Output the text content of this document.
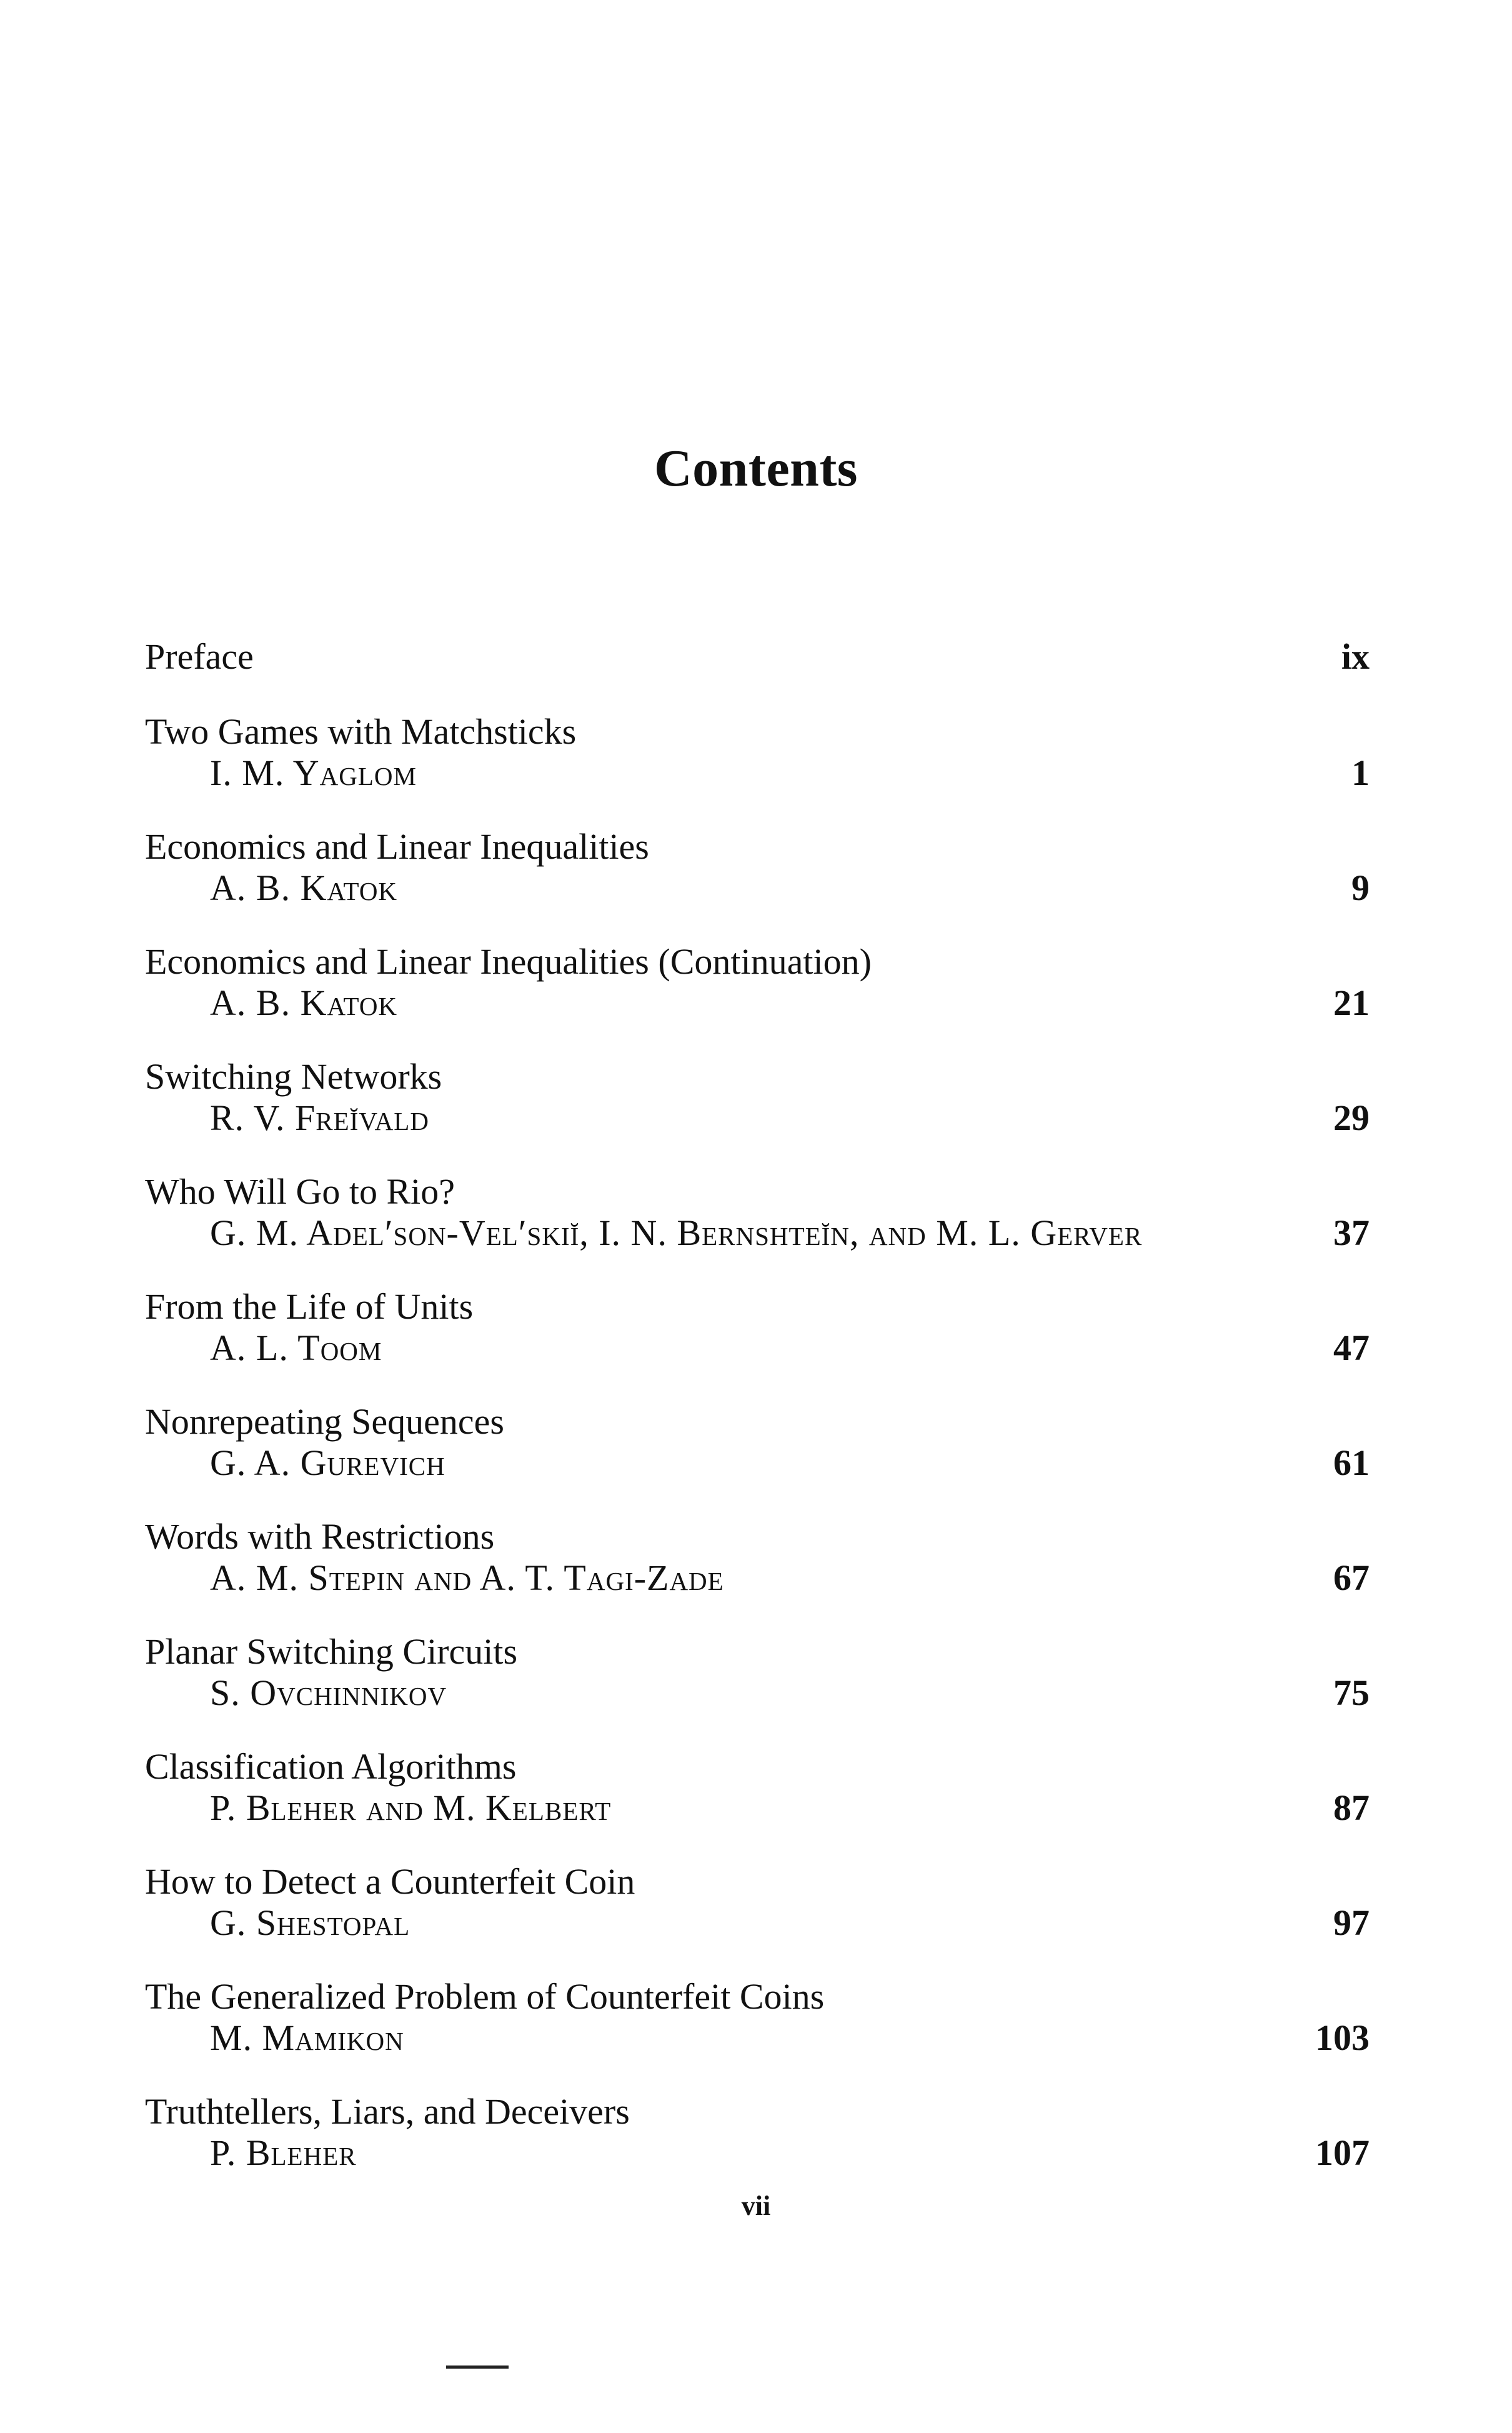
Contents
Preface	ix
Two Games with Matchsticks
I. M. Yaglom	1
Economics and Linear Inequalities
A. B. Katok	9
Economics and Linear Inequalities (Continuation)
A. B. Katok	21
Switching Networks
R. V. Freĭvald	29
Who Will Go to Rio?
G. M. Adel′son-Vel′skiĭ, I. N. Bernshteĭn, and M. L. Gerver	37
From the Life of Units
A. L. Toom	47
Nonrepeating Sequences
G. A. Gurevich	61
Words with Restrictions
A. M. Stepin and A. T. Tagi-Zade	67
Planar Switching Circuits
S. Ovchinnikov	75
Classification Algorithms
P. Bleher and M. Kelbert	87
How to Detect a Counterfeit Coin
G. Shestopal	97
The Generalized Problem of Counterfeit Coins
M. Mamikon	103
Truthtellers, Liars, and Deceivers
P. Bleher	107
vii
